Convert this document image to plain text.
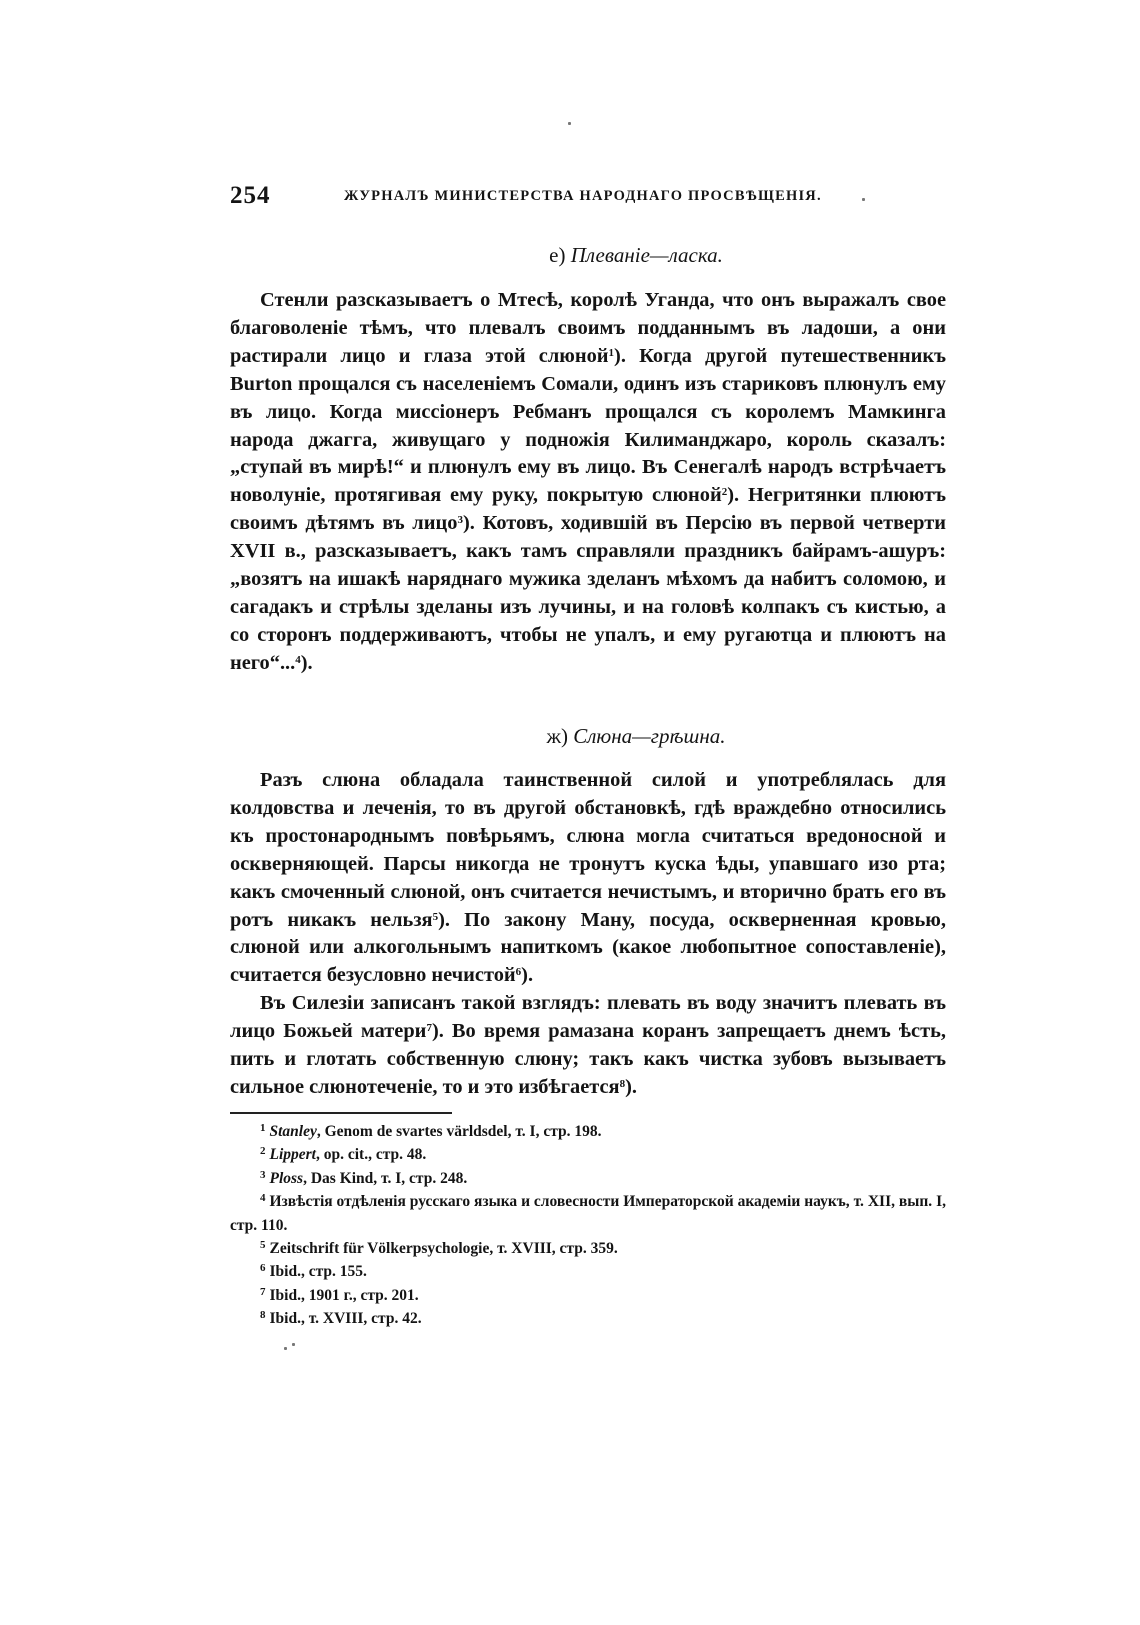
254	ЖУРНАЛЪ МИНИСТЕРСТВА НАРОДНАГО ПРОСВѢЩЕНІЯ.

е) Плеваніе—ласка.

Стенли разсказываетъ о Мтесѣ, королѣ Уганда, что онъ выражалъ свое благоволеніе тѣмъ, что плевалъ своимъ подданнымъ въ ладоши, а они растирали лицо и глаза этой слюной$^1$). Когда другой путешественникъ Burton прощался съ населеніемъ Сомали, одинъ изъ стариковъ плюнулъ ему въ лицо. Когда миссіонеръ Ребманъ прощался съ королемъ Мамкинга народа джагга, живущаго у подножія Килиманджаро, король сказалъ: „ступай въ мирѣ!“ и плюнулъ ему въ лицо. Въ Сенегалѣ народъ встрѣчаетъ новолуніе, протягивая ему руку, покрытую слюной$^2$). Негритянки плюютъ своимъ дѣтямъ въ лицо$^3$). Котовъ, ходившій въ Персію въ первой четверти XVII в., разсказываетъ, какъ тамъ справляли праздникъ байрамъ-ашуръ: „возятъ на ишакѣ наряднаго мужика зделанъ мѣхомъ да набитъ соломою, и сагадакъ и стрѣлы зделаны изъ лучины, и на головѣ колпакъ съ кистью, а со сторонъ поддерживаютъ, чтобы не упалъ, и ему ругаютца и плюютъ на него“...$^4$).

ж) Слюна—грѣшна.

Разъ слюна обладала таинственной силой и употреблялась для колдовства и леченія, то въ другой обстановкѣ, гдѣ враждебно относились къ простонароднымъ повѣрьямъ, слюна могла считаться вредоносной и оскверняющей. Парсы никогда не тронутъ куска ѣды, упавшаго изо рта; какъ смоченный слюной, онъ считается нечистымъ, и вторично брать его въ ротъ никакъ нельзя$^5$). По закону Ману, посуда, оскверненная кровью, слюной или алкогольнымъ напиткомъ (какое любопытное сопоставленіе), считается безусловно нечистой$^6$).

Въ Силезіи записанъ такой взглядъ: плевать въ воду значитъ плевать въ лицо Божьей матери$^7$). Во время рамазана коранъ запрещаетъ днемъ ѣсть, пить и глотать собственную слюну; такъ какъ чистка зубовъ вызываетъ сильное слюнотеченіе, то и это избѣгается$^8$).

$^1$ Stanley, Genom de svartes världsdel, т. I, стр. 198.

$^2$ Lippert, op. cit., стр. 48.

$^3$ Ploss, Das Kind, т. I, стр. 248.

$^4$ Извѣстія отдѣленія русскаго языка и словесности Императорской академіи наукъ, т. XII, вып. I, стр. 110.

$^5$ Zeitschrift für Völkerpsychologie, т. XVIII, стр. 359.

$^6$ Ibid., стр. 155.

$^7$ Ibid., 1901 г., стр. 201.

$^8$ Ibid., т. XVIII, стр. 42.
